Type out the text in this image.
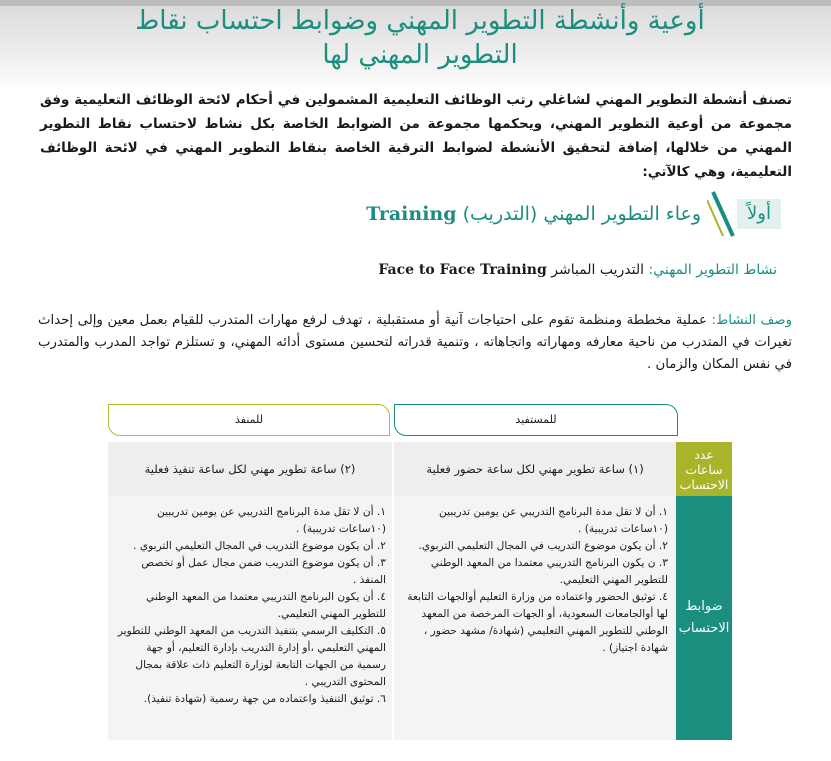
أوعية وأنشطة التطوير المهني وضوابط احتساب نقاط
التطوير المهني لها
تصنف أنشطة التطوير المهني لشاغلي رتب الوظائف التعليمية المشمولين في أحكام لائحة الوظائف التعليمية وفق مجموعة من أوعية التطوير المهني، ويحكمها مجموعة من الضوابط الخاصة بكل نشاط لاحتساب نقاط التطوير المهني من خلالها، إضافة لتحقيق الأنشطة لضوابط الترقية الخاصة بنقاط التطوير المهني في لائحة الوظائف التعليمية، وهي كالآتي:
أولاً
وعاء التطوير المهني (التدريب) Training
نشاط التطوير المهني: التدريب المباشر Face to Face Training
وصف النشاط: عملية مخططة ومنظمة تقوم على احتياجات آنية أو مستقبلية ، تهدف لرفع مهارات المتدرب للقيام بعمل معين وإلى إحداث تغيرات في المتدرب من ناحية معارفه ومهاراته واتجاهاته ، وتنمية قدراته لتحسين مستوى أدائه المهني، و تستلزم تواجد المدرب والمتدرب في نفس المكان والزمان .
للمستفيد
للمنفذ
عدد ساعات الاحتساب
ضوابط الاحتساب
(١) ساعة تطوير مهني لكل ساعة حضور فعلية
(٢) ساعة تطوير مهني لكل ساعة تنفيذ فعلية
١. أن لا تقل مدة البرنامج التدريبي عن يومين تدريبين (١٠ساعات تدريبية) .
٢. أن يكون موضوع التدريب في المجال التعليمي التربوي.
٣. ن يكون البرنامج التدريبي معتمدا من المعهد الوطني للتطوير المهني التعليمي.
٤. توثيق الحضور واعتماده من وزارة التعليم أوالجهات التابعة لها أوالجامعات السعودية، أو الجهات المرخصة من المعهد الوطني للتطوير المهني التعليمي (شهادة/ مشهد حضور ، شهادة اجتياز) .
١. أن لا تقل مدة البرنامج التدريبي عن يومين تدريبين (١٠ساعات تدريبية) .
٢. أن يكون موضوع التدريب في المجال التعليمي التربوي .
٣. أن يكون موضوع التدريب ضمن مجال عمل أو تخصص المنفذ .
٤. أن يكون البرنامج التدريبي معتمدا من المعهد الوطني للتطوير المهني التعليمي.
٥. التكليف الرسمي بتنفيذ التدريب من المعهد الوطني للتطوير المهني التعليمي ،أو إدارة التدريب بإدارة التعليم، أو جهة رسمية من الجهات التابعة لوزارة التعليم ذات علاقة بمجال المحتوى التدريبي .
٦. توثيق التنفيذ واعتماده من جهة رسمية (شهادة تنفيذ).
